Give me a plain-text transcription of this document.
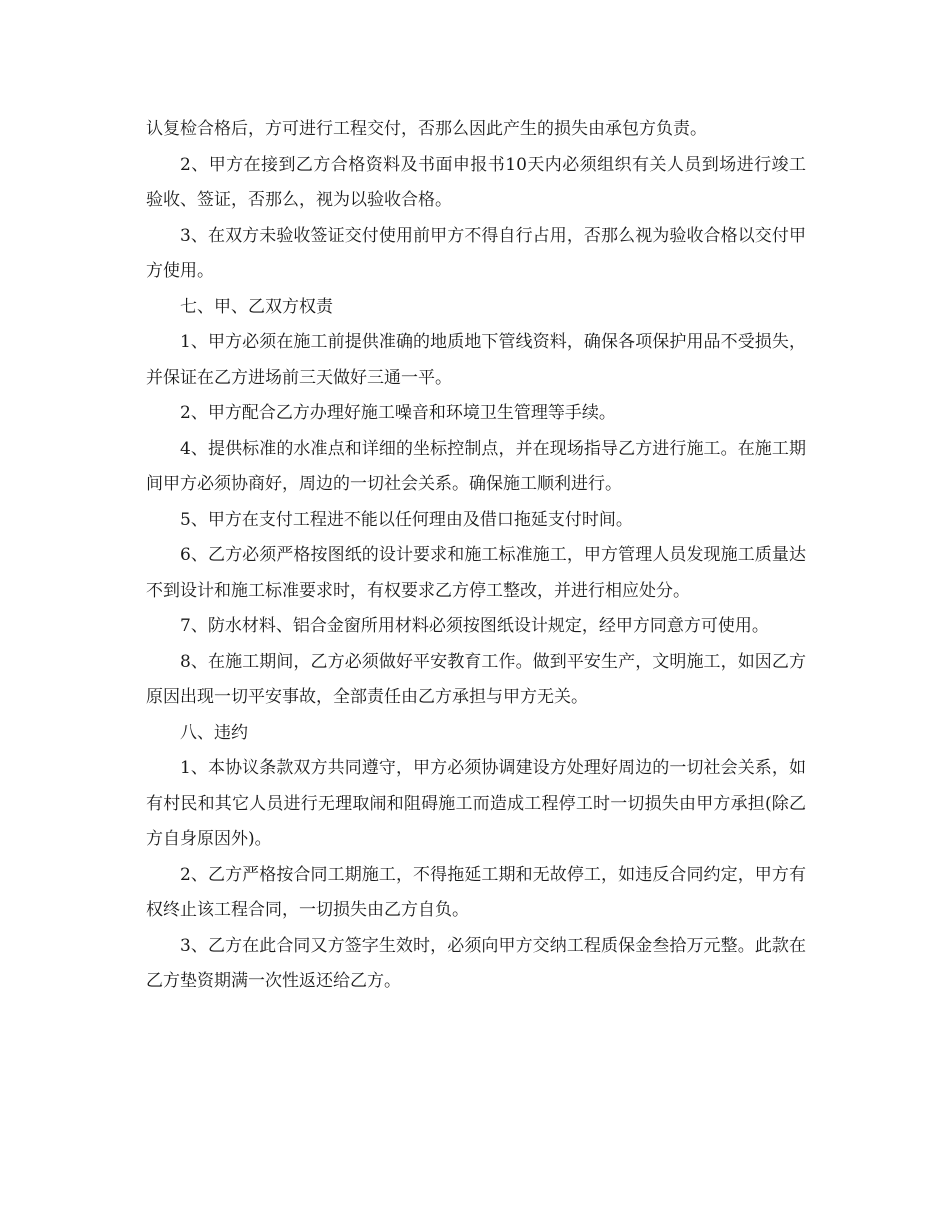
认复检合格后，方可进行工程交付，否那么因此产生的损失由承包方负责。

2、甲方在接到乙方合格资料及书面申报书10天内必须组织有关人员到场进行竣工验收、签证，否那么，视为以验收合格。

3、在双方未验收签证交付使用前甲方不得自行占用，否那么视为验收合格以交付甲方使用。

七、甲、乙双方权责

1、甲方必须在施工前提供准确的地质地下管线资料，确保各项保护用品不受损失，并保证在乙方进场前三天做好三通一平。

2、甲方配合乙方办理好施工噪音和环境卫生管理等手续。

4、提供标准的水准点和详细的坐标控制点，并在现场指导乙方进行施工。在施工期间甲方必须协商好，周边的一切社会关系。确保施工顺利进行。

5、甲方在支付工程进不能以任何理由及借口拖延支付时间。

6、乙方必须严格按图纸的设计要求和施工标准施工，甲方管理人员发现施工质量达不到设计和施工标准要求时，有权要求乙方停工整改，并进行相应处分。

7、防水材料、铝合金窗所用材料必须按图纸设计规定，经甲方同意方可使用。

8、在施工期间，乙方必须做好平安教育工作。做到平安生产，文明施工，如因乙方原因出现一切平安事故，全部责任由乙方承担与甲方无关。

八、违约

1、本协议条款双方共同遵守，甲方必须协调建设方处理好周边的一切社会关系，如有村民和其它人员进行无理取闹和阻碍施工而造成工程停工时一切损失由甲方承担(除乙方自身原因外)。

2、乙方严格按合同工期施工，不得拖延工期和无故停工，如违反合同约定，甲方有权终止该工程合同，一切损失由乙方自负。

3、乙方在此合同又方签字生效时，必须向甲方交纳工程质保金叁拾万元整。此款在乙方垫资期满一次性返还给乙方。
